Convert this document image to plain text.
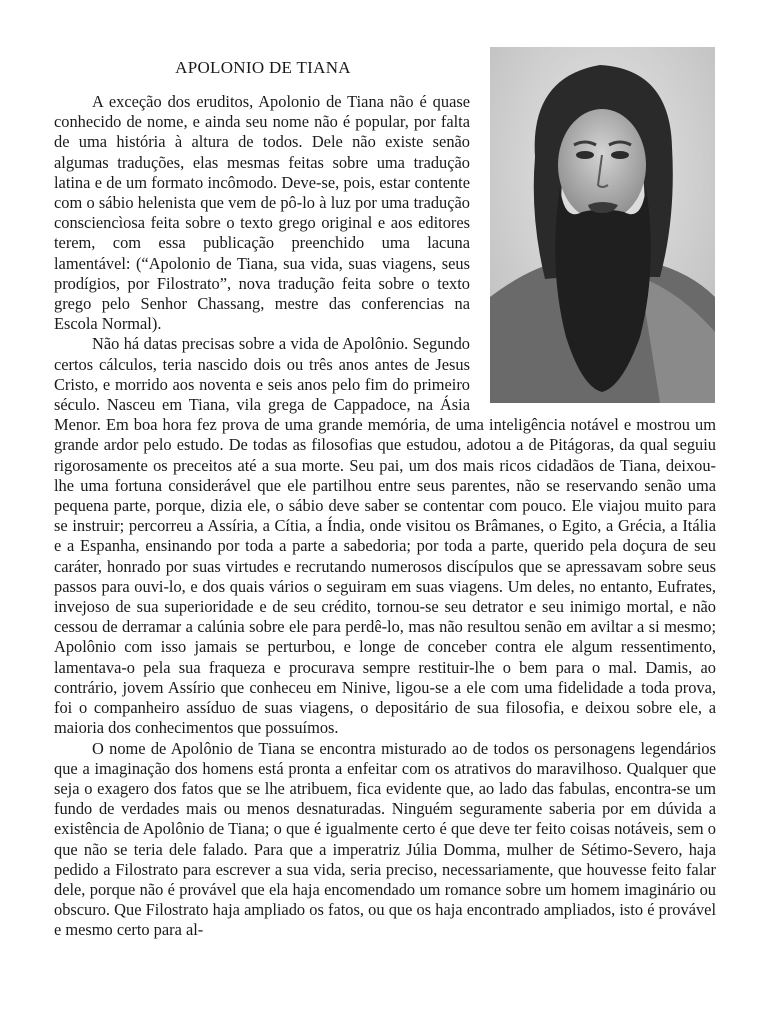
APOLONIO DE TIANA

A exceção dos eruditos, Apolonio de Tiana não é quase conhecido de nome, e ainda seu nome não é popular, por falta de uma história à altura de todos. Dele não existe senão algumas traduções, elas mesmas feitas sobre uma tradução latina e de um formato incômodo. Deve-se, pois, estar contente com o sábio helenista que vem de pô-lo à luz por uma tradução consciencìosa feita sobre o texto grego original e aos editores terem, com essa publicação preenchido uma lacuna lamentável: (“Apolonio de Tiana, sua vida, suas viagens, seus prodígios, por Filostrato”, nova tradução feita sobre o texto grego pelo Senhor Chassang, mestre das conferencias na Escola Normal).

Não há datas precisas sobre a vida de Apolônio. Segundo certos cálculos, teria nascido dois ou três anos antes de Jesus Cristo, e morrido aos noventa e seis anos pelo fim do primeiro século. Nasceu em Tiana, vila grega de Cappadoce, na Ásia Menor. Em boa hora fez prova de uma grande memória, de uma inteligência notável e mostrou um grande ardor pelo estudo. De todas as filosofias que estudou, adotou a de Pitágoras, da qual seguiu rigorosamente os preceitos até a sua morte. Seu pai, um dos mais ricos cidadãos de Tiana, deixou-lhe uma fortuna considerável que ele partilhou entre seus parentes, não se reservando senão uma pequena parte, porque, dizia ele, o sábio deve saber se contentar com pouco. Ele viajou muito para se instruir; percorreu a Assíria, a Cítia, a Índia, onde visitou os Brâmanes, o Egito, a Grécia, a Itália e a Espanha, ensinando por toda a parte a sabedoria; por toda a parte, querido pela doçura de seu caráter, honrado por suas virtudes e recrutando numerosos discípulos que se apressavam sobre seus passos para ouvi-lo, e dos quais vários o seguiram em suas viagens. Um deles, no entanto, Eufrates, invejoso de sua superioridade e de seu crédito, tornou-se seu detrator e seu inimigo mortal, e não cessou de derramar a calúnia sobre ele para perdê-lo, mas não resultou senão em aviltar a si mesmo; Apolônio com isso jamais se perturbou, e longe de conceber contra ele algum ressentimento, lamentava-o pela sua fraqueza e procurava sempre restituir-lhe o bem para o mal. Damis, ao contrário, jovem Assírio que conheceu em Ninive, ligou-se a ele com uma fidelidade a toda prova, foi o companheiro assíduo de suas viagens, o depositário de sua filosofia, e deixou sobre ele, a maioria dos conhecimentos que possuímos.

O nome de Apolônio de Tiana se encontra misturado ao de todos os personagens legendários que a imaginação dos homens está pronta a enfeitar com os atrativos do maravilhoso. Qualquer que seja o exagero dos fatos que se lhe atribuem, fica evidente que, ao lado das fabulas, encontra-se um fundo de verdades mais ou menos desnaturadas. Ninguém seguramente saberia por em dúvida a existência de Apolônio de Tiana; o que é igualmente certo é que deve ter feito coisas notáveis, sem o que não se teria dele falado. Para que a imperatriz Júlia Domma, mulher de Sétimo-Severo, haja pedido a Filostrato para escrever a sua vida, seria preciso, necessariamente, que houvesse feito falar dele, porque não é provável que ela haja encomendado um romance sobre um homem imaginário ou obscuro. Que Filostrato haja ampliado os fatos, ou que os haja encontrado ampliados, isto é provável e mesmo certo para al-
